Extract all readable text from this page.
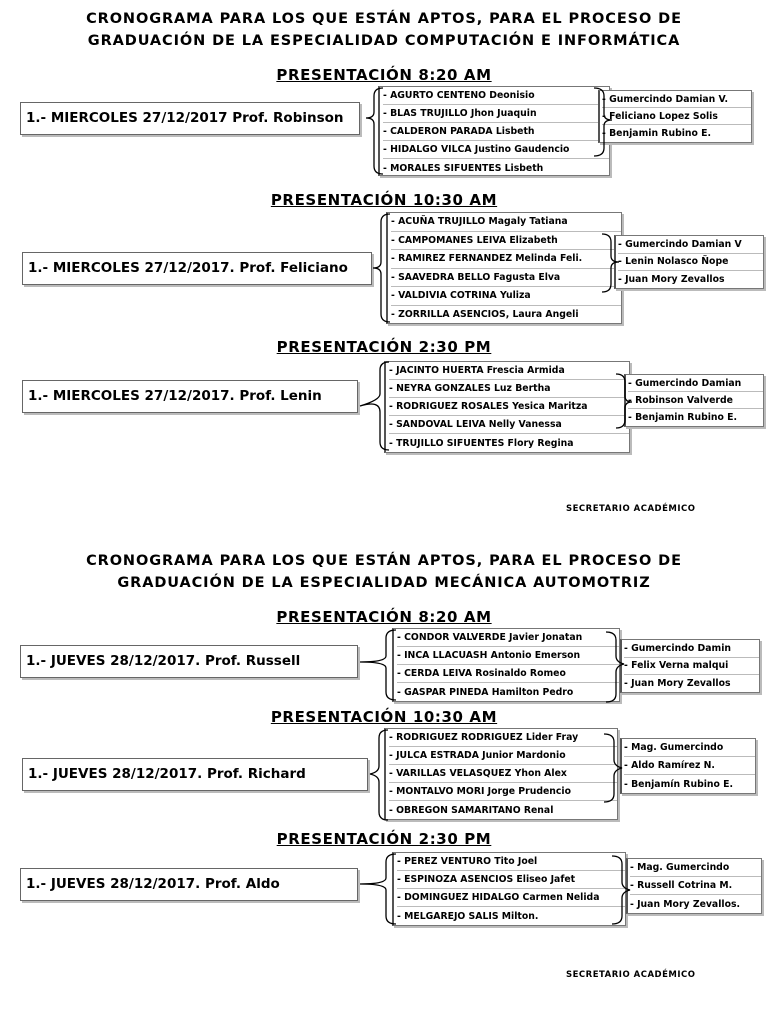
CRONOGRAMA PARA LOS QUE ESTÁN APTOS, PARA EL PROCESO DE
GRADUACIÓN DE LA ESPECIALIDAD COMPUTACIÓN E INFORMÁTICA
PRESENTACIÓN 8:20 AM
1.- MIERCOLES 27/12/2017 Prof. Robinson
- AGURTO CENTENO Deonisio
- BLAS TRUJILLO Jhon Juaquin
- CALDERON PARADA Lisbeth
- HIDALGO VILCA Justino Gaudencio
- MORALES SIFUENTES Lisbeth
- Gumercindo Damian V.
- Feliciano Lopez Solis
- Benjamin Rubino E.
PRESENTACIÓN 10:30 AM
1.- MIERCOLES 27/12/2017. Prof. Feliciano
- ACUÑA TRUJILLO Magaly Tatiana
- CAMPOMANES LEIVA Elizabeth
- RAMIREZ FERNANDEZ Melinda Feli.
- SAAVEDRA BELLO Fagusta Elva
- VALDIVIA COTRINA Yuliza
- ZORRILLA ASENCIOS, Laura Angeli
- Gumercindo Damian V
- Lenin Nolasco Ñope
- Juan Mory Zevallos
PRESENTACIÓN 2:30 PM
1.- MIERCOLES 27/12/2017. Prof. Lenin
- JACINTO HUERTA Frescia Armida
- NEYRA GONZALES Luz Bertha
- RODRIGUEZ ROSALES Yesica Maritza
- SANDOVAL LEIVA Nelly Vanessa
- TRUJILLO SIFUENTES Flory Regina
- Gumercindo Damian
- Robinson Valverde
- Benjamin Rubino E.
SECRETARIO ACADÉMICO
CRONOGRAMA PARA LOS QUE ESTÁN APTOS, PARA EL PROCESO DE
GRADUACIÓN DE LA ESPECIALIDAD MECÁNICA AUTOMOTRIZ
PRESENTACIÓN 8:20 AM
1.- JUEVES 28/12/2017. Prof. Russell
- CONDOR VALVERDE Javier Jonatan
- INCA LLACUASH Antonio Emerson
- CERDA LEIVA Rosinaldo Romeo
- GASPAR PINEDA Hamilton Pedro
- Gumercindo Damin
- Felix Verna malqui
- Juan Mory Zevallos
PRESENTACIÓN 10:30 AM
1.- JUEVES 28/12/2017. Prof. Richard
- RODRIGUEZ RODRIGUEZ Lider Fray
- JULCA ESTRADA Junior Mardonio
- VARILLAS VELASQUEZ Yhon Alex
- MONTALVO MORI Jorge Prudencio
- OBREGON SAMARITANO Renal
- Mag. Gumercindo
- Aldo Ramírez N.
- Benjamín Rubino E.
PRESENTACIÓN 2:30 PM
1.- JUEVES 28/12/2017. Prof. Aldo
- PEREZ VENTURO Tito Joel
- ESPINOZA ASENCIOS Eliseo Jafet
- DOMINGUEZ HIDALGO Carmen Nelida
- MELGAREJO SALIS Milton.
- Mag. Gumercindo
- Russell Cotrina M.
- Juan Mory Zevallos.
SECRETARIO ACADÉMICO
